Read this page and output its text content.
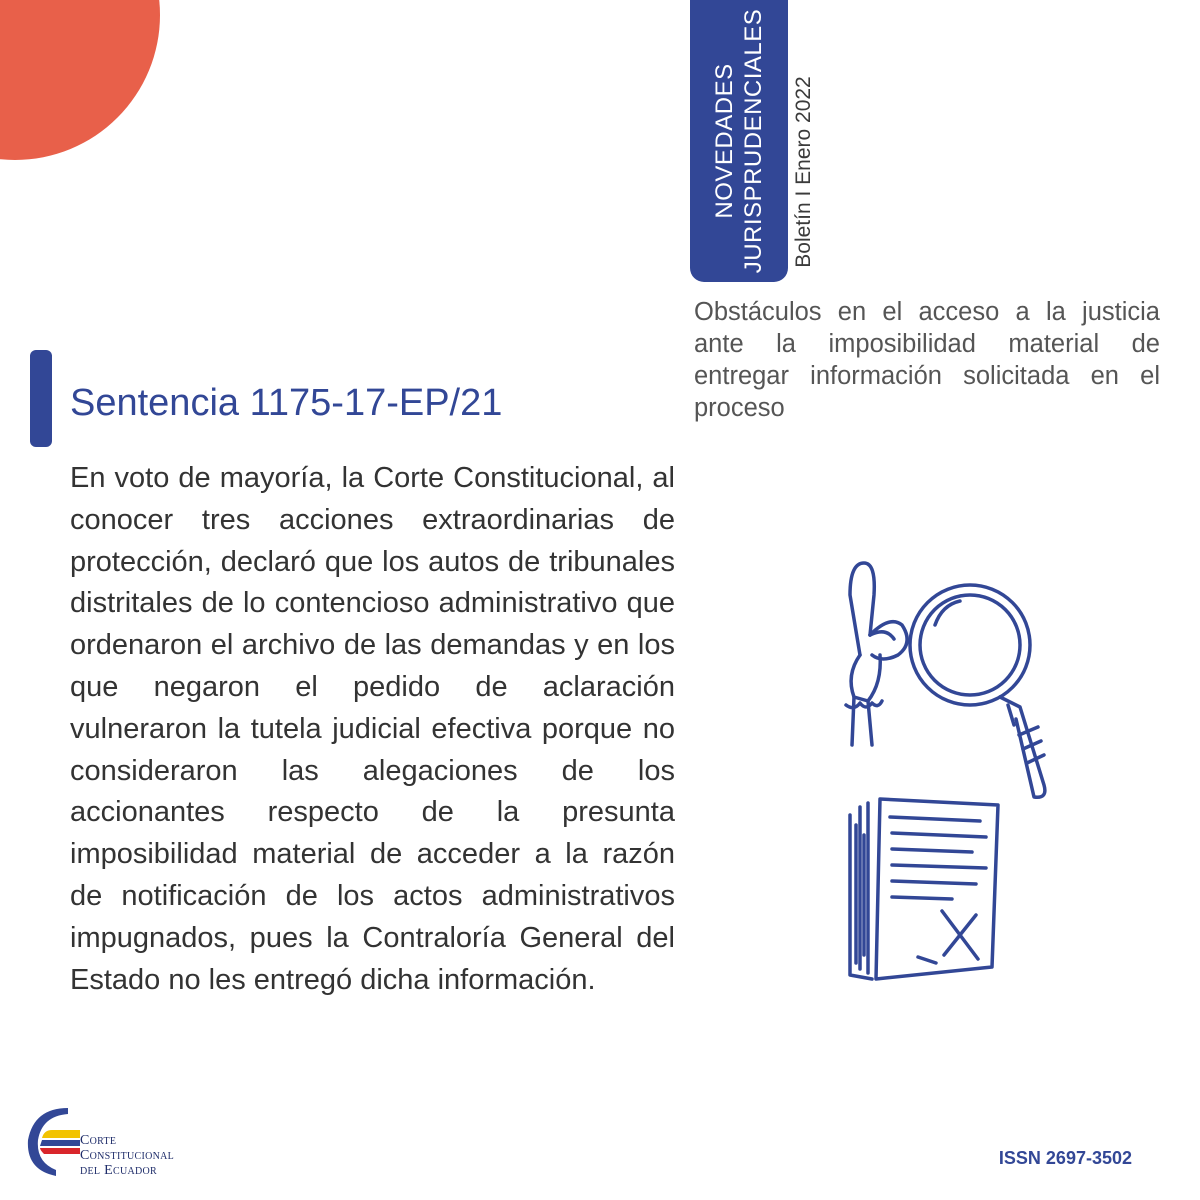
NOVEDADES JURISPRUDENCIALES Boletín I Enero 2022
Obstáculos en el acceso a la justicia ante la imposibilidad material de entregar información solicitada en el proceso
Sentencia 1175-17-EP/21
En voto de mayoría, la Corte Constitucional, al conocer tres acciones extraordinarias de protección, declaró que los autos de tribunales distritales de lo contencioso administrativo que ordenaron el archivo de las demandas y en los que negaron el pedido de aclaración vulneraron la tutela judicial efectiva porque no consideraron las alegaciones de los accionantes respecto de la presunta imposibilidad material de acceder a la razón de notificación de los actos administrativos impugnados, pues la Contraloría General del Estado no les entregó dicha información.
Corte
Constitucional
del Ecuador
ISSN 2697-3502
